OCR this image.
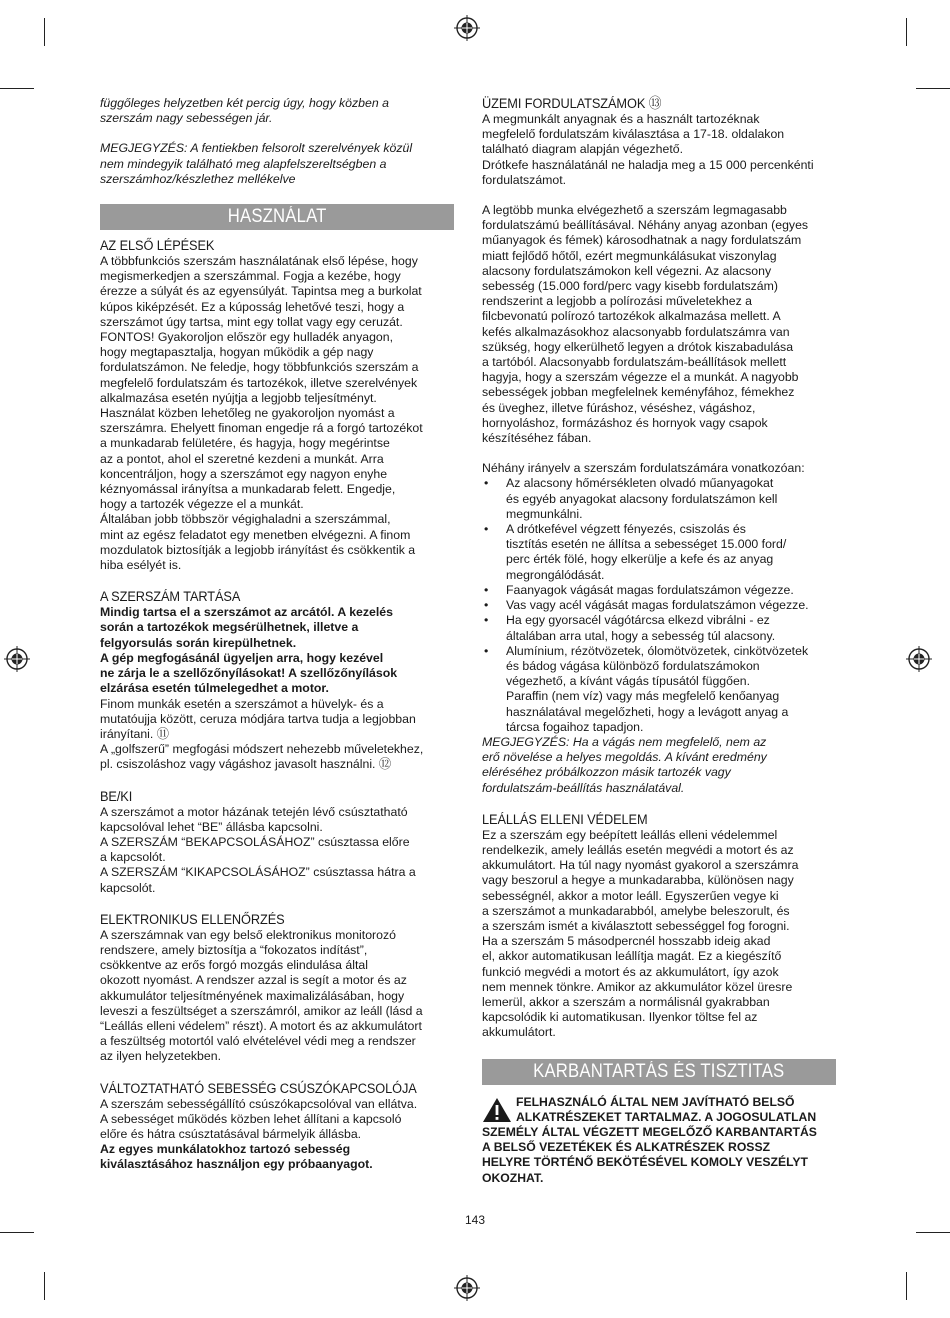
függőleges helyzetben két percig úgy, hogy közben a

szerszám nagy sebességen jár.

MEGJEGYZÉS: A fentiekben felsorolt szerelvények közül

nem mindegyik található meg alapfelszereltségben a

szerszámhoz/készlethez mellékelve

HASZNÁLAT

AZ ELSŐ LÉPÉSEK

A többfunkciós szerszám használatának első lépése, hogy

megismerkedjen a szerszámmal. Fogja a kezébe, hogy

érezze a súlyát és az egyensúlyát. Tapintsa meg a burkolat

kúpos kiképzését. Ez a kúposság lehetővé teszi, hogy a

szerszámot úgy tartsa, mint egy tollat vagy egy ceruzát.

FONTOS! Gyakoroljon először egy hulladék anyagon,

hogy megtapasztalja, hogyan működik a gép nagy

fordulatszámon. Ne feledje, hogy többfunkciós szerszám a

megfelelő fordulatszám és tartozékok, illetve szerelvények

alkalmazása esetén nyújtja a legjobb teljesítményt.

Használat közben lehetőleg ne gyakoroljon nyomást a

szerszámra. Ehelyett finoman engedje rá a forgó tartozékot

a munkadarab felületére, és hagyja, hogy megérintse

az a pontot, ahol el szeretné kezdeni a munkát. Arra

koncentráljon, hogy a szerszámot egy nagyon enyhe

kéznyomással irányítsa a munkadarab felett. Engedje,

hogy a tartozék végezze el a munkát.

Általában jobb többször végighaladni a szerszámmal,

mint az egész feladatot egy menetben elvégezni. A finom

mozdulatok biztosítják a legjobb irányítást és csökkentik a

hiba esélyét is.

A SZERSZÁM TARTÁSA

Mindig tartsa el a szerszámot az arcától. A kezelés

során a tartozékok megsérülhetnek, illetve a

felgyorsulás során kirepülhetnek.

A gép megfogásánál ügyeljen arra, hogy kezével

ne zárja le a szellőzőnyílásokat! A szellőzőnyílások

elzárása esetén túlmelegedhet a motor.

Finom munkák esetén a szerszámot a hüvelyk- és a

mutatóujja között, ceruza módjára tartva tudja a legjobban

irányítani. ⑪

A „golfszerű” megfogási módszert nehezebb műveletekhez,

pl. csiszoláshoz vagy vágáshoz javasolt használni. ⑫

BE/KI

A szerszámot a motor házának tetején lévő csúsztatható

kapcsolóval lehet “BE” állásba kapcsolni.

A SZERSZÁM “BEKAPCSOLÁSÁHOZ” csúsztassa előre

a kapcsolót.

A SZERSZÁM “KIKAPCSOLÁSÁHOZ” csúsztassa hátra a

kapcsolót.

ELEKTRONIKUS ELLENŐRZÉS

A szerszámnak van egy belső elektronikus monitorozó

rendszere, amely biztosítja a “fokozatos indítást”,

csökkentve az erős forgó mozgás elindulása által

okozott nyomást. A rendszer azzal is segít a motor és az

akkumulátor teljesítményének maximalizálásában, hogy

leveszi a feszültséget a szerszámról, amikor az leáll (lásd a

“Leállás elleni védelem” részt). A motort és az akkumulátort

a feszültség motortól való elvételével védi meg a rendszer

az ilyen helyzetekben.

VÁLTOZTATHATÓ SEBESSÉG CSÚSZÓKAPCSOLÓJA

A szerszám sebességállító csúszókapcsolóval van ellátva.

A sebességet működés közben lehet állítani a kapcsoló

előre és hátra csúsztatásával bármelyik állásba.

Az egyes munkálatokhoz tartozó sebesség

kiválasztásához használjon egy próbaanyagot.

ÜZEMI FORDULATSZÁMOK ⑬

A megmunkált anyagnak és a használt tartozéknak

megfelelő fordulatszám kiválasztása a 17-18. oldalakon

található diagram alapján végezhető.

Drótkefe használatánál ne haladja meg a 15 000 percenkénti

fordulatszámot.

A legtöbb munka elvégezhető a szerszám legmagasabb

fordulatszámú beállításával. Néhány anyag azonban (egyes

műanyagok és fémek) károsodhatnak a nagy fordulatszám

miatt fejlődő hőtől, ezért megmunkálásukat viszonylag

alacsony fordulatszámokon kell végezni. Az alacsony

sebesség (15.000 ford/perc vagy kisebb fordulatszám)

rendszerint a legjobb a polírozási műveletekhez a

filcbevonatú polírozó tartozékok alkalmazása mellett. A

kefés alkalmazásokhoz alacsonyabb fordulatszámra van

szükség, hogy elkerülhető legyen a drótok kiszabadulása

a tartóból. Alacsonyabb fordulatszám-beállítások mellett

hagyja, hogy a szerszám végezze el a munkát. A nagyobb

sebességek jobban megfelelnek keményfához, fémekhez

és üveghez, illetve fúráshoz, véséshez, vágáshoz,

hornyoláshoz, formázáshoz és hornyok vagy csapok

készítéséhez fában.

Néhány irányelv a szerszám fordulatszámára vonatkozóan:

• Az alacsony hőmérsékleten olvadó műanyagokat

és egyéb anyagokat alacsony fordulatszámon kell

megmunkálni.

• A drótkefével végzett fényezés, csiszolás és

tisztítás esetén ne állítsa a sebességet 15.000 ford/

perc érték fölé, hogy elkerülje a kefe és az anyag

megrongálódását.

• Faanyagok vágását magas fordulatszámon végezze.

• Vas vagy acél vágását magas fordulatszámon végezze.

• Ha egy gyorsacél vágótárcsa elkezd vibrálni - ez

általában arra utal, hogy a sebesség túl alacsony.

• Alumínium, rézötvözetek, ólomötvözetek, cinkötvözetek

és bádog vágása különböző fordulatszámokon

végezhető, a kívánt vágás típusától függően.

Paraffin (nem víz) vagy más megfelelő kenőanyag

használatával megelőzheti, hogy a levágott anyag a

tárcsa fogaihoz tapadjon.

MEGJEGYZÉS: Ha a vágás nem megfelelő, nem az

erő növelése a helyes megoldás. A kívánt eredmény

eléréséhez próbálkozzon másik tartozék vagy

fordulatszám-beállítás használatával.

LEÁLLÁS ELLENI VÉDELEM

Ez a szerszám egy beépített leállás elleni védelemmel

rendelkezik, amely leállás esetén megvédi a motort és az

akkumulátort. Ha túl nagy nyomást gyakorol a szerszámra

vagy beszorul a hegye a munkadarabba, különösen nagy

sebességnél, akkor a motor leáll. Egyszerűen vegye ki

a szerszámot a munkadarabból, amelybe beleszorult, és

a szerszám ismét a kiválasztott sebességgel fog forogni.

Ha a szerszám 5 másodpercnél hosszabb ideig akad

el, akkor automatikusan leállítja magát. Ez a kiegészítő

funkció megvédi a motort és az akkumulátort, így azok

nem mennek tönkre. Amikor az akkumulátor közel üresre

lemerül, akkor a szerszám a normálisnál gyakrabban

kapcsolódik ki automatikusan. Ilyenkor töltse fel az

akkumulátort.

KARBANTARTÁS ÉS TISZTITAS

FELHASZNÁLÓ ÁLTAL NEM JAVÍTHATÓ BELSŐ

ALKATRÉSZEKET TARTALMAZ. A JOGOSULATLAN

SZEMÉLY ÁLTAL VÉGZETT MEGELŐZŐ KARBANTARTÁS

A BELSŐ VEZETÉKEK ÉS ALKATRÉSZEK ROSSZ

HELYRE TÖRTÉNŐ BEKÖTÉSÉVEL KOMOLY VESZÉLYT

OKOZHAT.

143
